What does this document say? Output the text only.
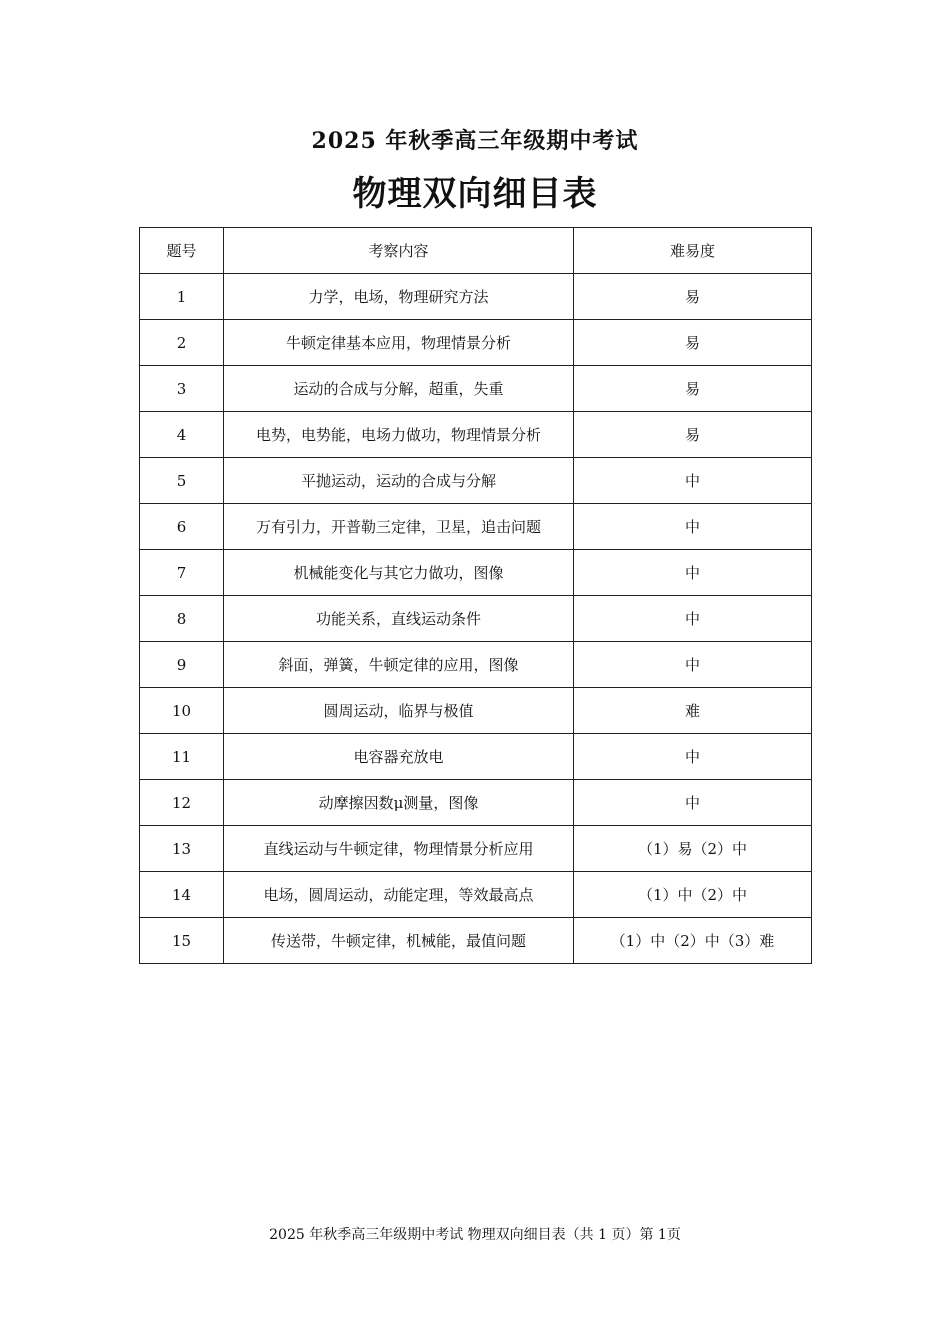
2025 年秋季高三年级期中考试
物理双向细目表
题号	考察内容	难易度
1	力学，电场，物理研究方法	易
2	牛顿定律基本应用，物理情景分析	易
3	运动的合成与分解，超重，失重	易
4	电势，电势能，电场力做功，物理情景分析	易
5	平抛运动，运动的合成与分解	中
6	万有引力，开普勒三定律，卫星，追击问题	中
7	机械能变化与其它力做功，图像	中
8	功能关系，直线运动条件	中
9	斜面，弹簧，牛顿定律的应用，图像	中
10	圆周运动，临界与极值	难
11	电容器充放电	中
12	动摩擦因数μ测量，图像	中
13	直线运动与牛顿定律，物理情景分析应用	（1）易（2）中
14	电场，圆周运动，动能定理，等效最高点	（1）中（2）中
15	传送带，牛顿定律，机械能，最值问题	（1）中（2）中（3）难
2025 年秋季高三年级期中考试 物理双向细目表（共 1 页）第 1页
